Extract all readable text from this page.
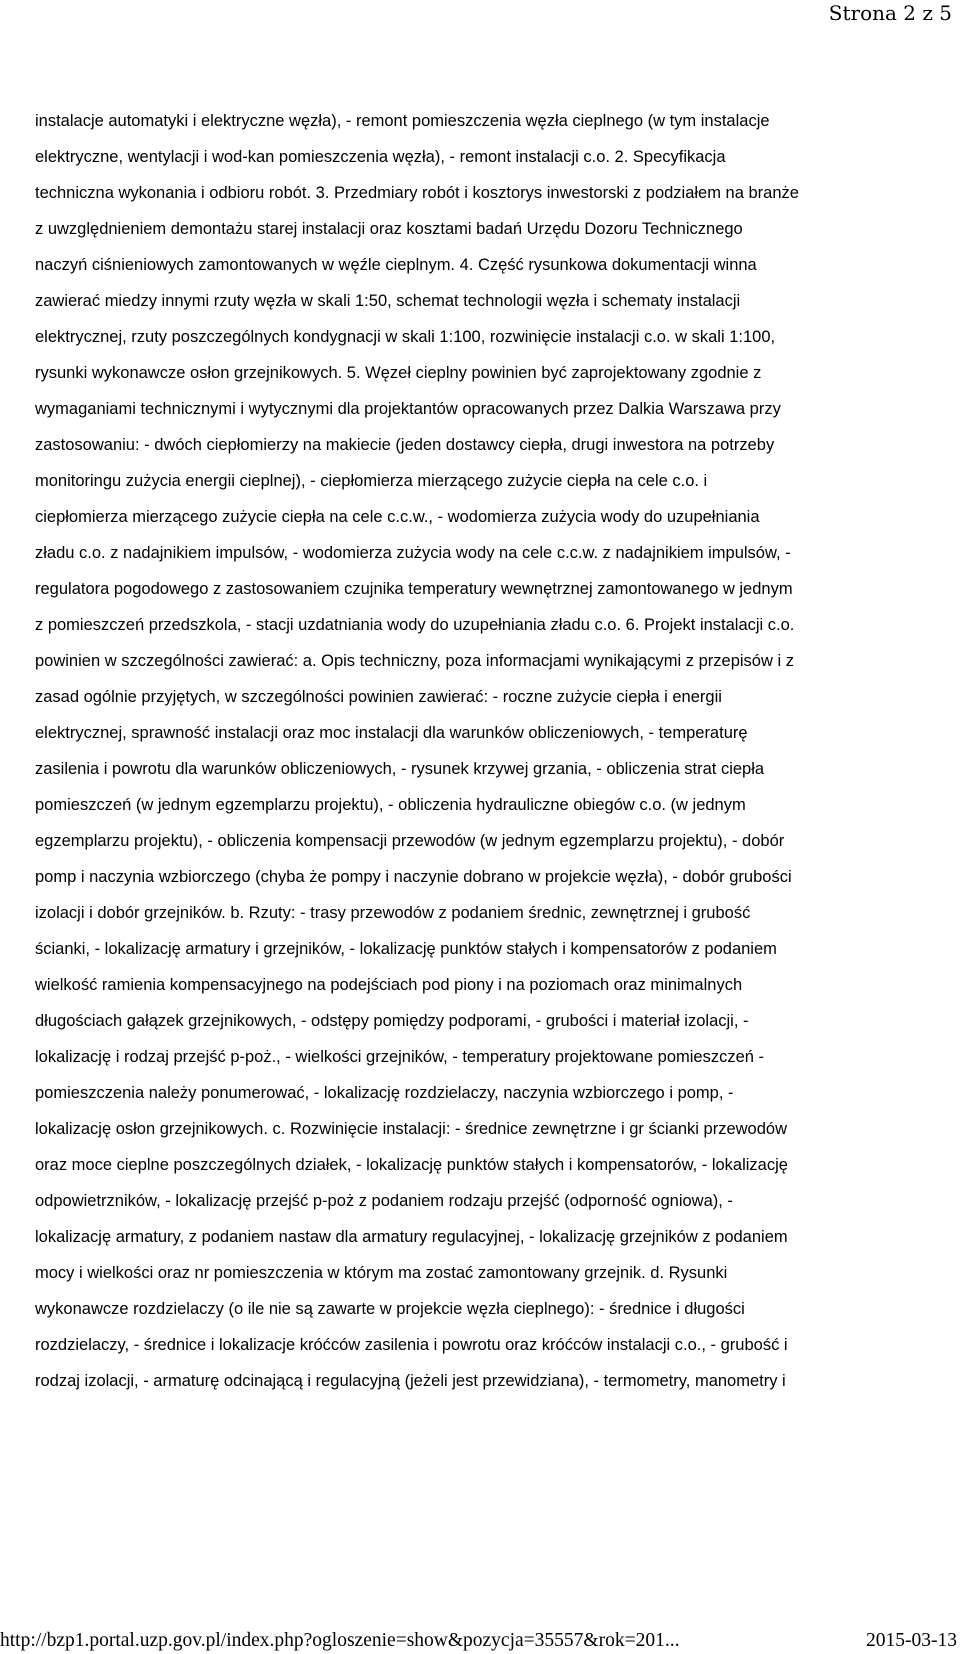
Strona 2 z 5
instalacje automatyki i elektryczne węzła), - remont pomieszczenia węzła cieplnego (w tym instalacje
elektryczne, wentylacji i wod-kan pomieszczenia węzła), - remont instalacji c.o. 2. Specyfikacja
techniczna wykonania i odbioru robót. 3. Przedmiary robót i kosztorys inwestorski z podziałem na branże
z uwzględnieniem demontażu starej instalacji oraz kosztami badań Urzędu Dozoru Technicznego
naczyń ciśnieniowych zamontowanych w węźle cieplnym. 4. Część rysunkowa dokumentacji winna
zawierać miedzy innymi rzuty węzła w skali 1:50, schemat technologii węzła i schematy instalacji
elektrycznej, rzuty poszczególnych kondygnacji w skali 1:100, rozwinięcie instalacji c.o. w skali 1:100,
rysunki wykonawcze osłon grzejnikowych. 5. Węzeł cieplny powinien być zaprojektowany zgodnie z
wymaganiami technicznymi i wytycznymi dla projektantów opracowanych przez Dalkia Warszawa przy
zastosowaniu: - dwóch ciepłomierzy na makiecie (jeden dostawcy ciepła, drugi inwestora na potrzeby
monitoringu zużycia energii cieplnej), - ciepłomierza mierzącego zużycie ciepła na cele c.o. i
ciepłomierza mierzącego zużycie ciepła na cele c.c.w., - wodomierza zużycia wody do uzupełniania
zładu c.o. z nadajnikiem impulsów, - wodomierza zużycia wody na cele c.c.w. z nadajnikiem impulsów, -
regulatora pogodowego z zastosowaniem czujnika temperatury wewnętrznej zamontowanego w jednym
z pomieszczeń przedszkola, - stacji uzdatniania wody do uzupełniania zładu c.o. 6. Projekt instalacji c.o.
powinien w szczególności zawierać: a. Opis techniczny, poza informacjami wynikającymi z przepisów i z
zasad ogólnie przyjętych, w szczególności powinien zawierać: - roczne zużycie ciepła i energii
elektrycznej, sprawność instalacji oraz moc instalacji dla warunków obliczeniowych, - temperaturę
zasilenia i powrotu dla warunków obliczeniowych, - rysunek krzywej grzania, - obliczenia strat ciepła
pomieszczeń (w jednym egzemplarzu projektu), - obliczenia hydrauliczne obiegów c.o. (w jednym
egzemplarzu projektu), - obliczenia kompensacji przewodów (w jednym egzemplarzu projektu), - dobór
pomp i naczynia wzbiorczego (chyba że pompy i naczynie dobrano w projekcie węzła), - dobór grubości
izolacji i dobór grzejników. b. Rzuty: - trasy przewodów z podaniem średnic, zewnętrznej i grubość
ścianki, - lokalizację armatury i grzejników, - lokalizację punktów stałych i kompensatorów z podaniem
wielkość ramienia kompensacyjnego na podejściach pod piony i na poziomach oraz minimalnych
długościach gałązek grzejnikowych, - odstępy pomiędzy podporami, - grubości i materiał izolacji, -
lokalizację i rodzaj przejść p-poż., - wielkości grzejników, - temperatury projektowane pomieszczeń -
pomieszczenia należy ponumerować, - lokalizację rozdzielaczy, naczynia wzbiorczego i pomp, -
lokalizację osłon grzejnikowych. c. Rozwinięcie instalacji: - średnice zewnętrzne i gr ścianki przewodów
oraz moce cieplne poszczególnych działek, - lokalizację punktów stałych i kompensatorów, - lokalizację
odpowietrzników, - lokalizację przejść p-poż z podaniem rodzaju przejść (odporność ogniowa), -
lokalizację armatury, z podaniem nastaw dla armatury regulacyjnej, - lokalizację grzejników z podaniem
mocy i wielkości oraz nr pomieszczenia w którym ma zostać zamontowany grzejnik. d. Rysunki
wykonawcze rozdzielaczy (o ile nie są zawarte w projekcie węzła cieplnego): - średnice i długości
rozdzielaczy, - średnice i lokalizacje króćców zasilenia i powrotu oraz króćców instalacji c.o., - grubość i
rodzaj izolacji, - armaturę odcinającą i regulacyjną (jeżeli jest przewidziana), - termometry, manometry i
http://bzp1.portal.uzp.gov.pl/index.php?ogloszenie=show&pozycja=35557&rok=201...	2015-03-13
